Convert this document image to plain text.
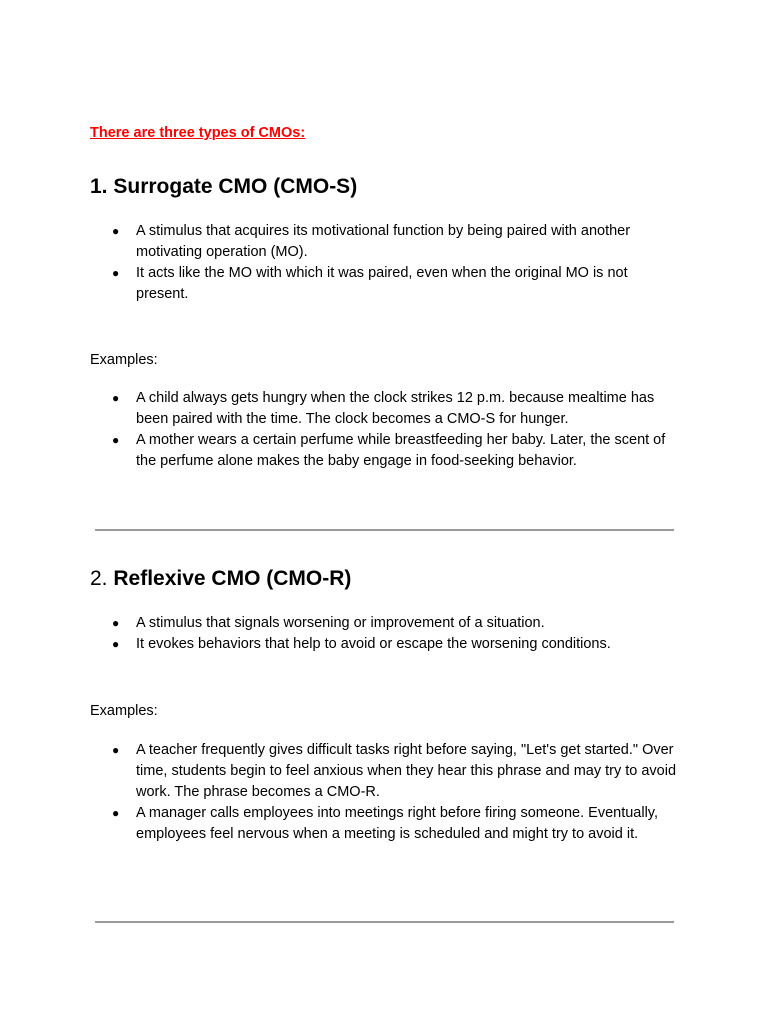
There are three types of CMOs:

1. Surrogate CMO (CMO-S)
● A stimulus that acquires its motivational function by being paired with another motivating operation (MO).
● It acts like the MO with which it was paired, even when the original MO is not present.

Examples:

● A child always gets hungry when the clock strikes 12 p.m. because mealtime has been paired with the time. The clock becomes a CMO-S for hunger.
● A mother wears a certain perfume while breastfeeding her baby. Later, the scent of the perfume alone makes the baby engage in food-seeking behavior.
2. Reflexive CMO (CMO-R)
● A stimulus that signals worsening or improvement of a situation.
● It evokes behaviors that help to avoid or escape the worsening conditions.

Examples:

● A teacher frequently gives difficult tasks right before saying, "Let's get started." Over time, students begin to feel anxious when they hear this phrase and may try to avoid work. The phrase becomes a CMO-R.
● A manager calls employees into meetings right before firing someone. Eventually, employees feel nervous when a meeting is scheduled and might try to avoid it.
